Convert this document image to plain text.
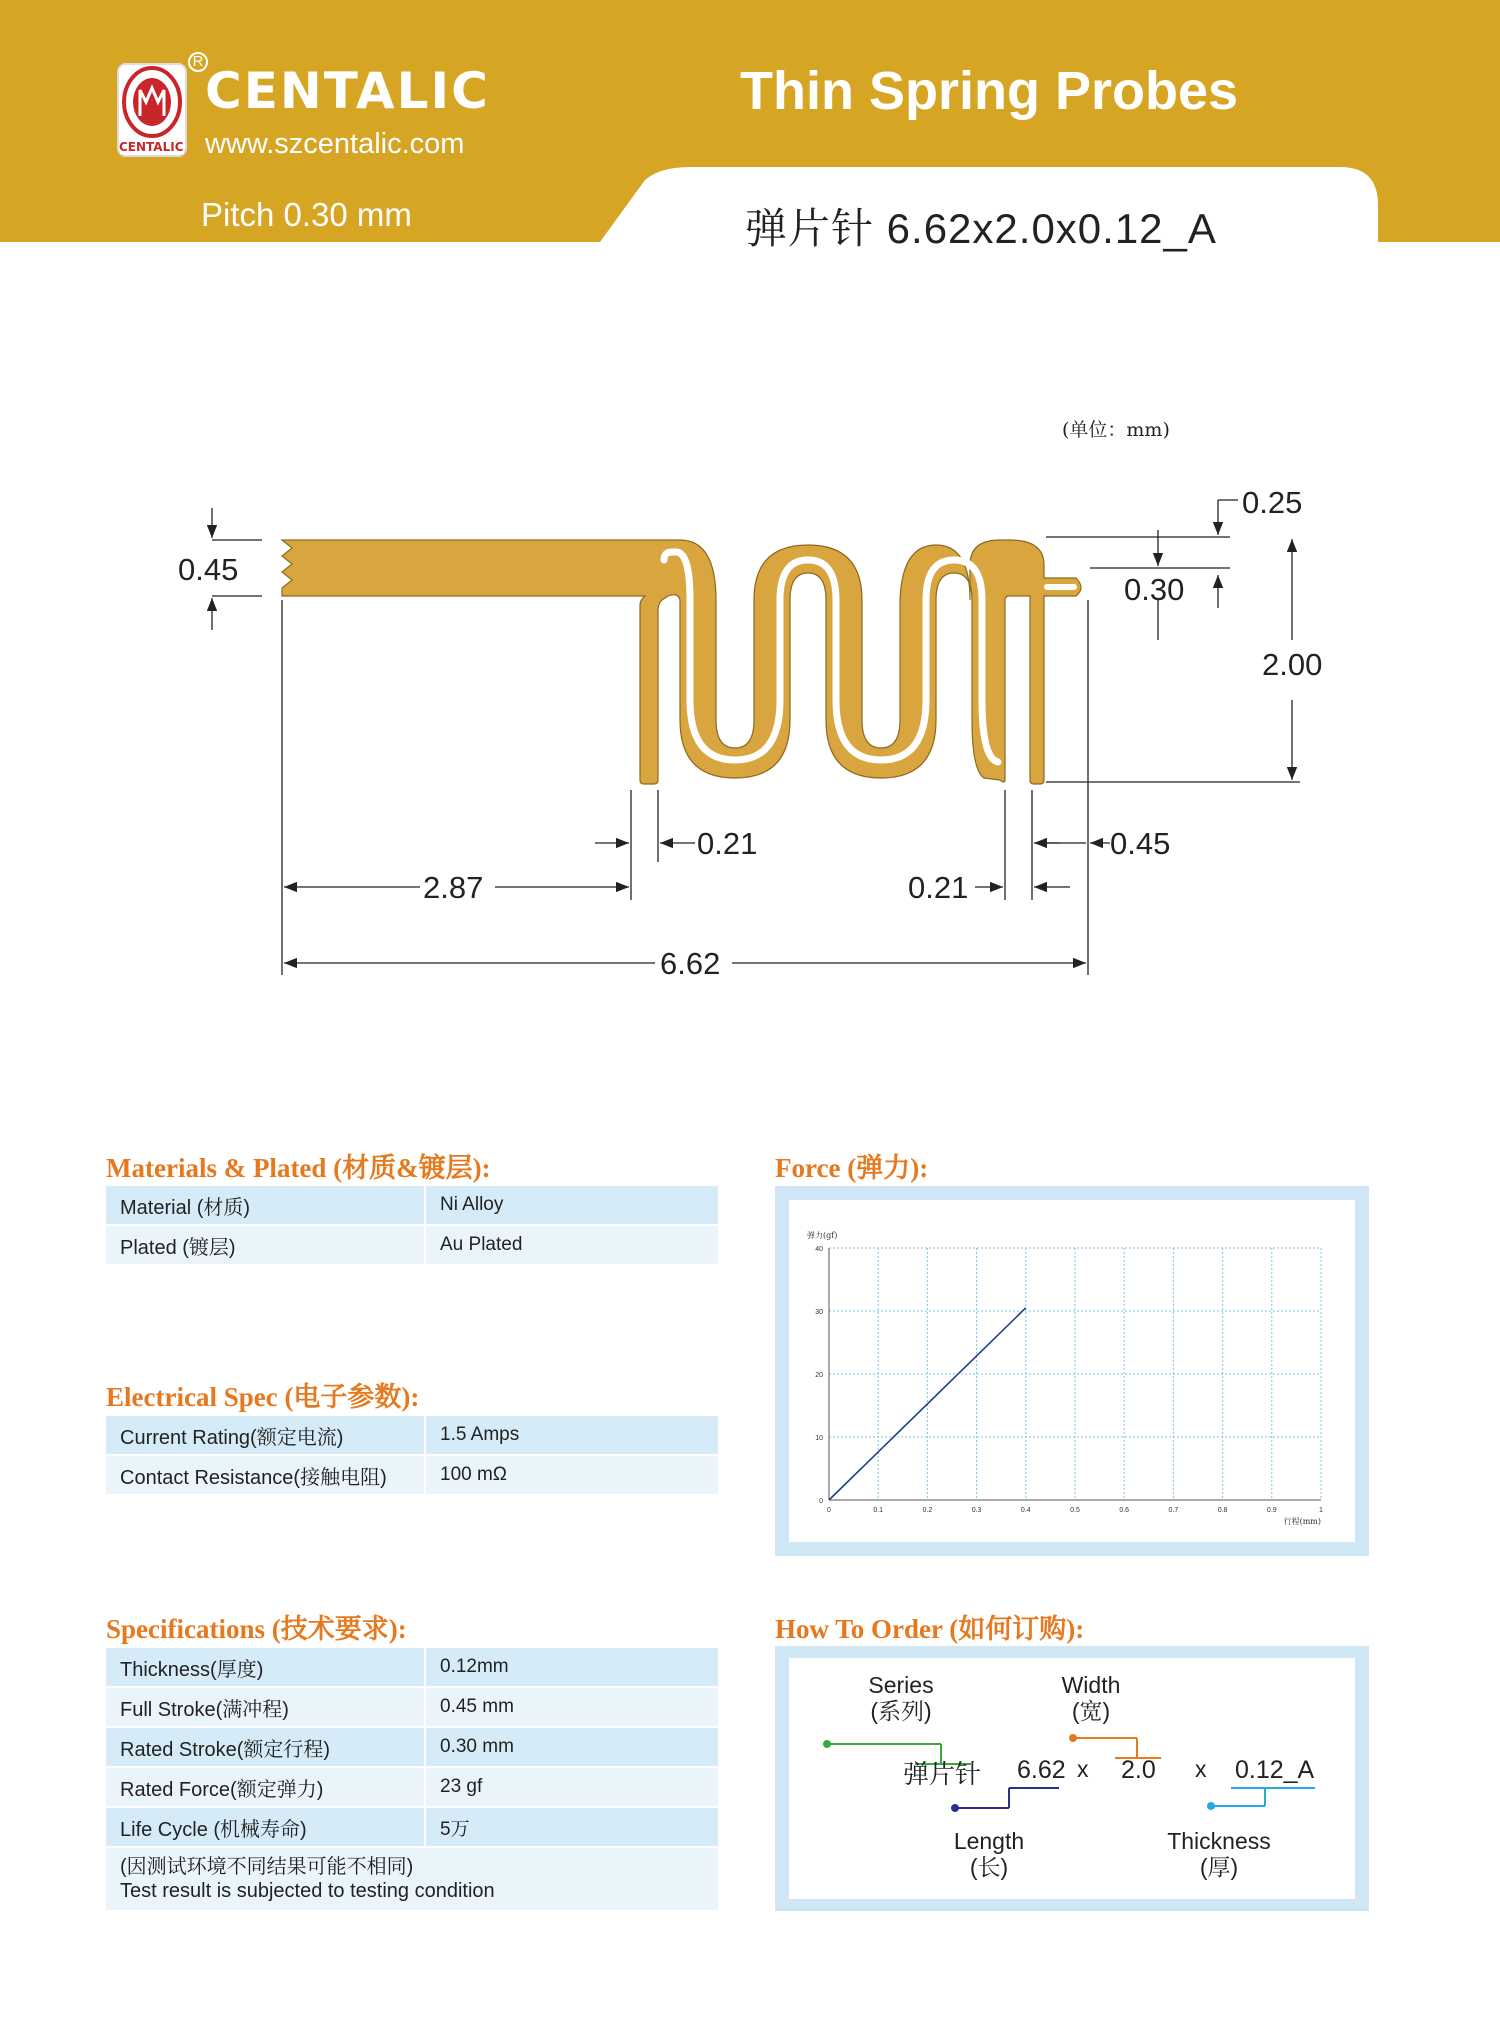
CENTALIC
R
CENTALIC
www.szcentalic.com
Pitch 0.30 mm
Thin Spring Probes
弹片针 6.62x2.0x0.12_A
(单位：mm)
0.45
0.25
0.30
2.00
0.21	0.45
2.87	0.21
6.62
Materials & Plated (材质&镀层):
Material (材质)	Ni Alloy
Plated (镀层)	Au Plated
Electrical Spec (电子参数):
Current Rating(额定电流)	1.5 Amps
Contact Resistance(接触电阻)	100 mΩ
Specifications (技术要求):
Thickness(厚度)	0.12mm
Full Stroke(满冲程)	0.45 mm
Rated Stroke(额定行程)	0.30 mm
Rated Force(额定弹力)	23 gf
Life Cycle (机械寿命)	5万

(因测试环境不同结果可能不相同)
Test result is subjected to testing condition	
Force (弹力):
0	0.1	0.2	0.3	0.4	0.5	0.6	0.7	0.8	0.9	1
0
10
20
30
40
弹力(gf)
行程(mm)
How To Order (如何订购):
Series
(系列)
Width
(宽)
弹片针 6.62 x 2.0 x 0.12_A
Length
(长)
Thickness
(厚)
